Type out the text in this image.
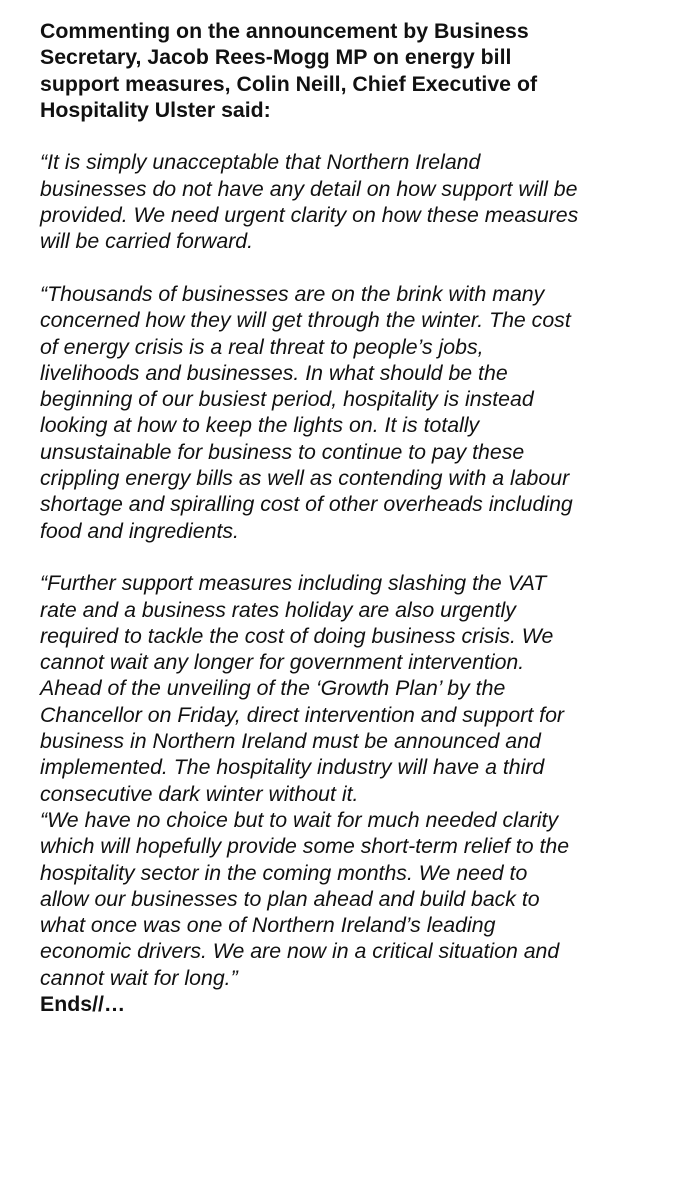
Commenting on the announcement by Business
Secretary, Jacob Rees-Mogg MP on energy bill
support measures, Colin Neill, Chief Executive of
Hospitality Ulster said:
“It is simply unacceptable that Northern Ireland
businesses do not have any detail on how support will be
provided. We need urgent clarity on how these measures
will be carried forward.
“Thousands of businesses are on the brink with many
concerned how they will get through the winter. The cost
of energy crisis is a real threat to people’s jobs,
livelihoods and businesses. In what should be the
beginning of our busiest period, hospitality is instead
looking at how to keep the lights on. It is totally
unsustainable for business to continue to pay these
crippling energy bills as well as contending with a labour
shortage and spiralling cost of other overheads including
food and ingredients.
“Further support measures including slashing the VAT
rate and a business rates holiday are also urgently
required to tackle the cost of doing business crisis. We
cannot wait any longer for government intervention.
Ahead of the unveiling of the ‘Growth Plan’ by the
Chancellor on Friday, direct intervention and support for
business in Northern Ireland must be announced and
implemented. The hospitality industry will have a third
consecutive dark winter without it.
“We have no choice but to wait for much needed clarity
which will hopefully provide some short-term relief to the
hospitality sector in the coming months. We need to
allow our businesses to plan ahead and build back to
what once was one of Northern Ireland’s leading
economic drivers. We are now in a critical situation and
cannot wait for long.”
Ends//…
